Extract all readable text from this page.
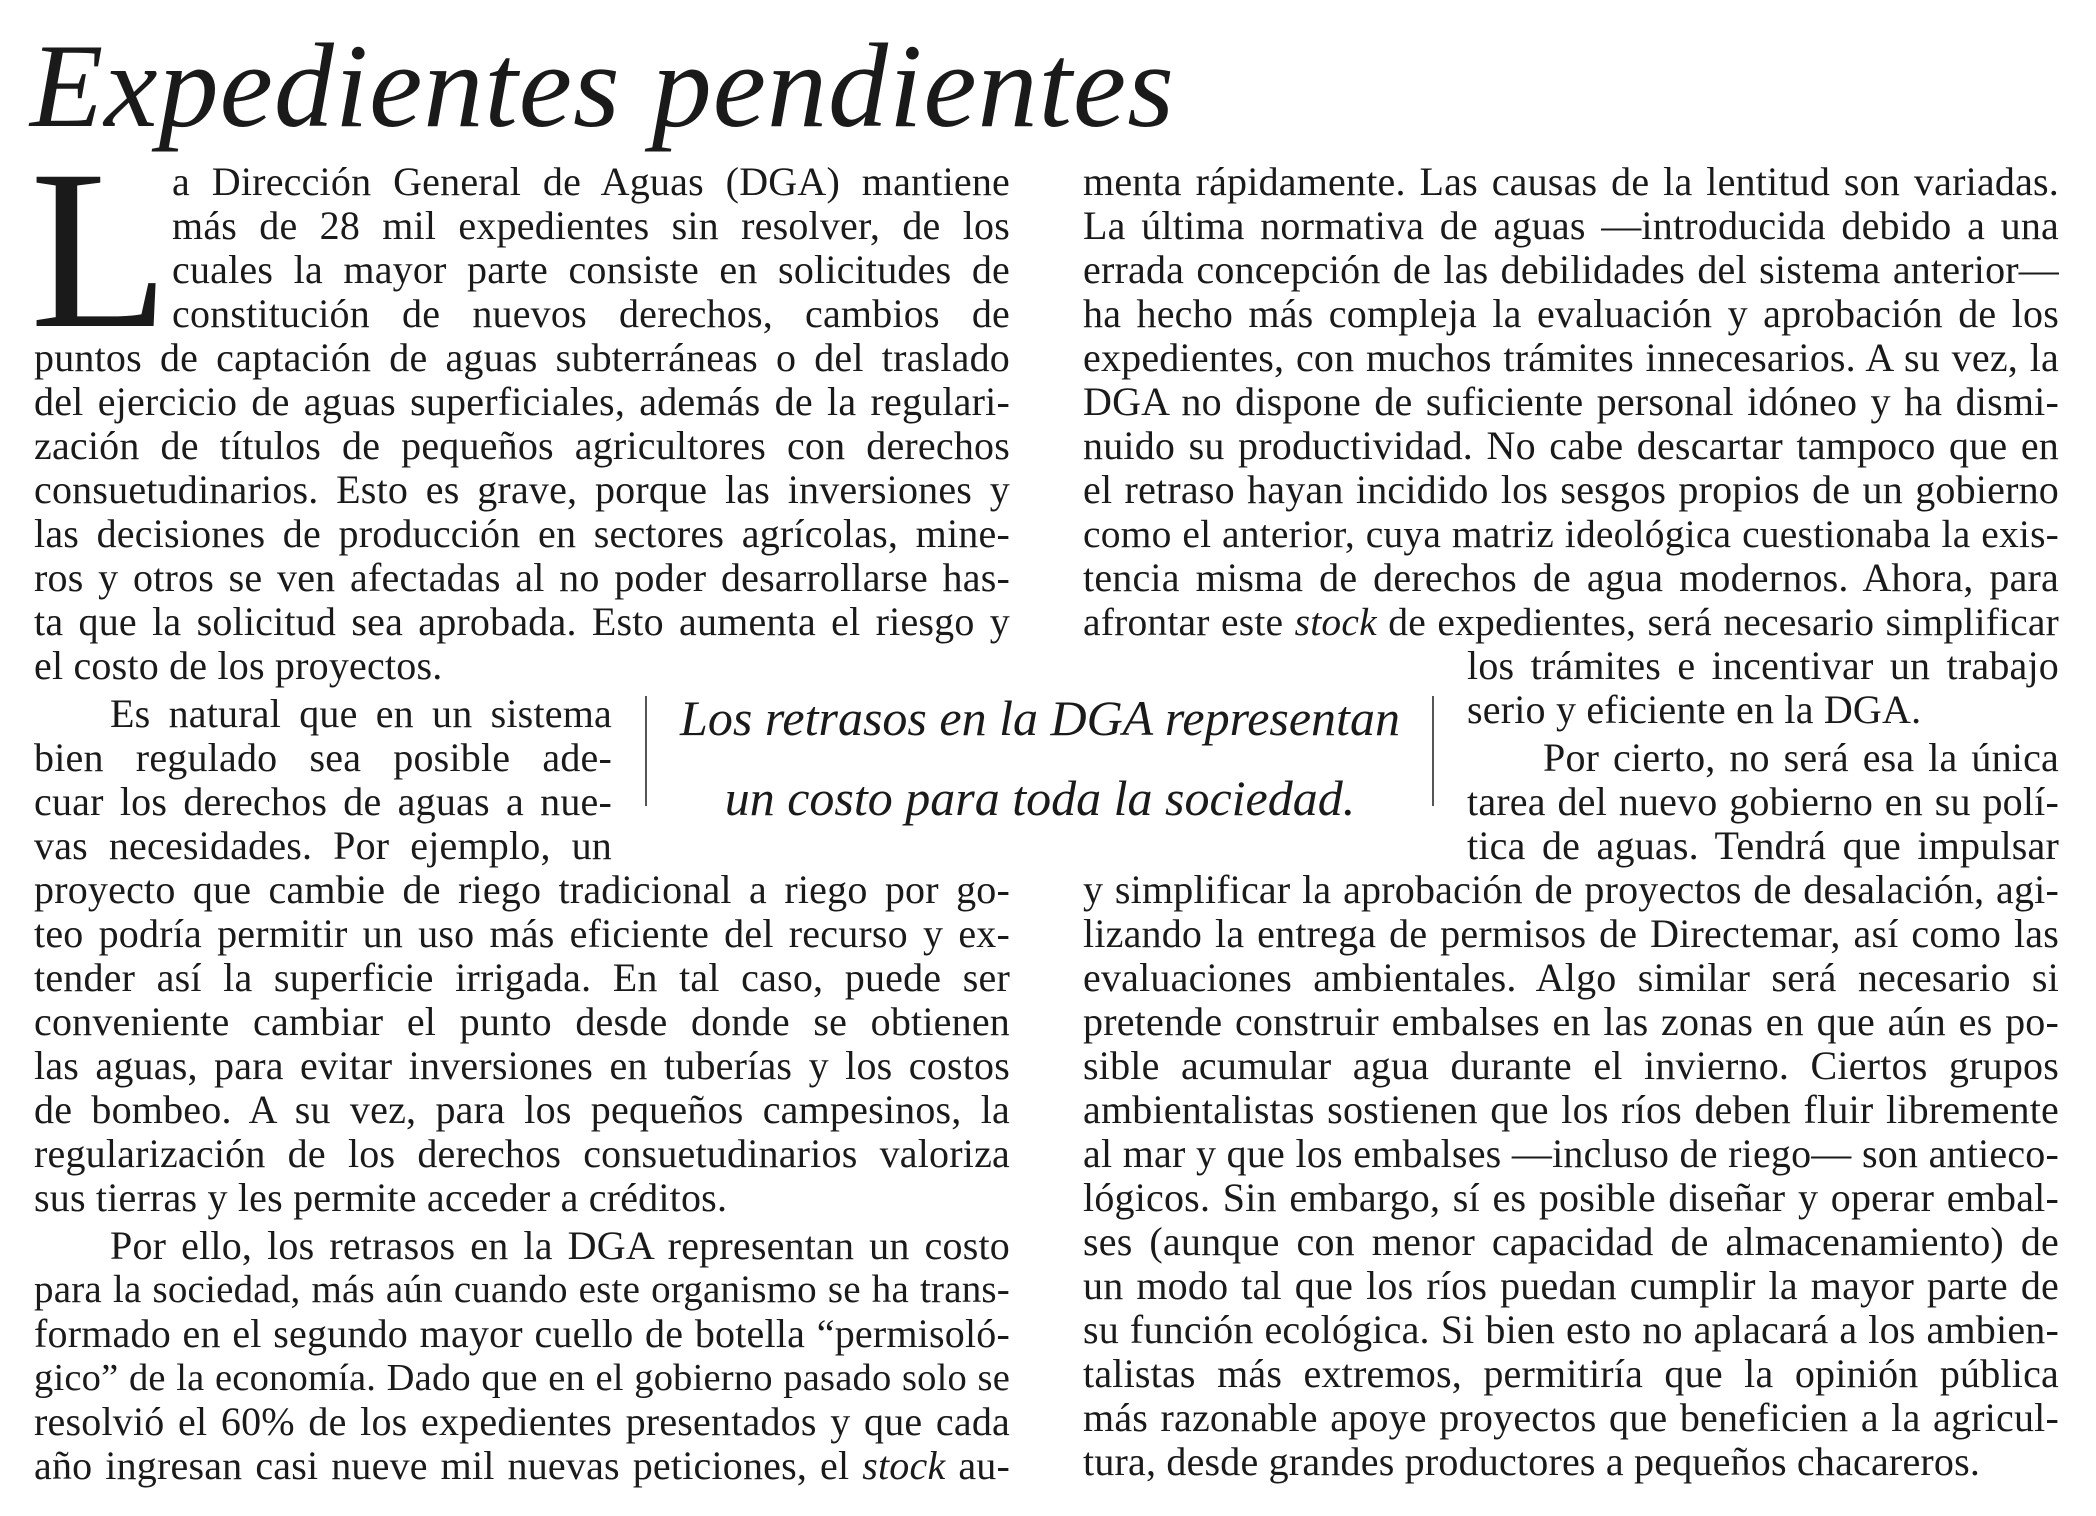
Expedientes pendientes
L a Dirección General de Aguas (DGA) mantiene
más de 28 mil expedientes sin resolver, de los
cuales la mayor parte consiste en solicitudes de
constitución de nuevos derechos, cambios de
puntos de captación de aguas subterráneas o del traslado
del ejercicio de aguas superficiales, además de la regulari-
zación de títulos de pequeños agricultores con derechos
consuetudinarios. Esto es grave, porque las inversiones y
las decisiones de producción en sectores agrícolas, mine-
ros y otros se ven afectadas al no poder desarrollarse has-
ta que la solicitud sea aprobada. Esto aumenta el riesgo y
el costo de los proyectos.
Es natural que en un sistema
bien regulado sea posible ade-
cuar los derechos de aguas a nue-
vas necesidades. Por ejemplo, un
proyecto que cambie de riego tradicional a riego por go-
teo podría permitir un uso más eficiente del recurso y ex-
tender así la superficie irrigada. En tal caso, puede ser
conveniente cambiar el punto desde donde se obtienen
las aguas, para evitar inversiones en tuberías y los costos
de bombeo. A su vez, para los pequeños campesinos, la
regularización de los derechos consuetudinarios valoriza
sus tierras y les permite acceder a créditos.
Por ello, los retrasos en la DGA representan un costo
para la sociedad, más aún cuando este organismo se ha trans-
formado en el segundo mayor cuello de botella “permisoló-
gico” de la economía. Dado que en el gobierno pasado solo se
resolvió el 60% de los expedientes presentados y que cada
año ingresan casi nueve mil nuevas peticiones, el stock au-
Los retrasos en la DGA representan
un costo para toda la sociedad.
menta rápidamente. Las causas de la lentitud son variadas.
La última normativa de aguas —introducida debido a una
errada concepción de las debilidades del sistema anterior—
ha hecho más compleja la evaluación y aprobación de los
expedientes, con muchos trámites innecesarios. A su vez, la
DGA no dispone de suficiente personal idóneo y ha dismi-
nuido su productividad. No cabe descartar tampoco que en
el retraso hayan incidido los sesgos propios de un gobierno
como el anterior, cuya matriz ideológica cuestionaba la exis-
tencia misma de derechos de agua modernos. Ahora, para
afrontar este stock de expedientes, será necesario simplificar
los trámites e incentivar un trabajo
serio y eficiente en la DGA.
Por cierto, no será esa la única
tarea del nuevo gobierno en su polí-
tica de aguas. Tendrá que impulsar
y simplificar la aprobación de proyectos de desalación, agi-
lizando la entrega de permisos de Directemar, así como las
evaluaciones ambientales. Algo similar será necesario si
pretende construir embalses en las zonas en que aún es po-
sible acumular agua durante el invierno. Ciertos grupos
ambientalistas sostienen que los ríos deben fluir libremente
al mar y que los embalses —incluso de riego— son antieco-
lógicos. Sin embargo, sí es posible diseñar y operar embal-
ses (aunque con menor capacidad de almacenamiento) de
un modo tal que los ríos puedan cumplir la mayor parte de
su función ecológica. Si bien esto no aplacará a los ambien-
talistas más extremos, permitiría que la opinión pública
más razonable apoye proyectos que beneficien a la agricul-
tura, desde grandes productores a pequeños chacareros.
